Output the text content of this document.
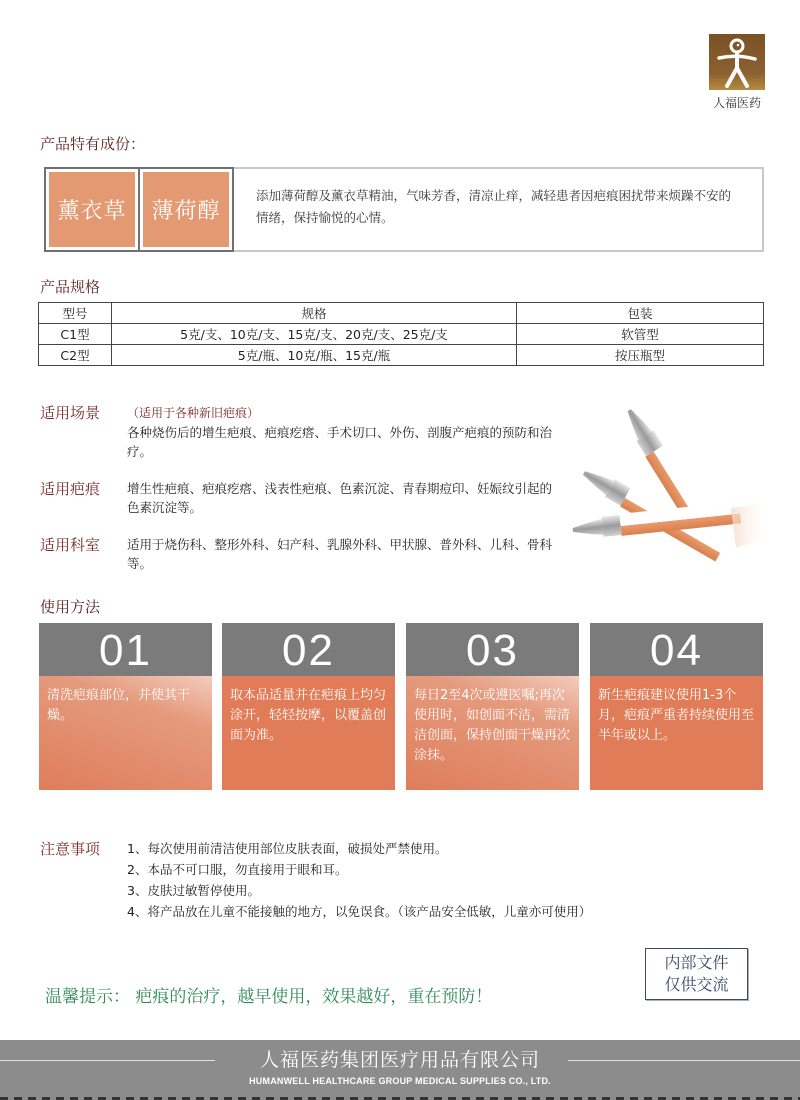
人福医药
产品特有成份：
薰衣草	薄荷醇
添加薄荷醇及薰衣草精油，气味芳香，清凉止痒，减轻患者因疤痕困扰带来烦躁不安的情绪，保持愉悦的心情。
产品规格
型号	规格	包装
C1型	5克/支、10克/支、15克/支、20克/支、25克/支	软管型
C2型	5克/瓶、10克/瓶、15克/瓶	按压瓶型
适用场景 （适用于各种新旧疤痕）
各种烧伤后的增生疤痕、疤痕疙瘩、手术切口、外伤、剖腹产疤痕的预防和治疗。
适用疤痕 增生性疤痕、疤痕疙瘩、浅表性疤痕、色素沉淀、青春期痘印、妊娠纹引起的色素沉淀等。
适用科室 适用于烧伤科、整形外科、妇产科、乳腺外科、甲状腺、普外科、儿科、骨科等。
使用方法
01
清洗疤痕部位，并使其干燥。
02
取本品适量并在疤痕上均匀涂开，轻轻按摩，以覆盖创面为准。
03
每日2至4次或遵医嘱;再次使用时，如创面不洁，需清洁创面，保持创面干燥再次涂抹。
04
新生疤痕建议使用1-3个月，疤痕严重者持续使用至半年或以上。
注意事项 1、每次使用前清洁使用部位皮肤表面，破损处严禁使用。
2、本品不可口服，勿直接用于眼和耳。
3、皮肤过敏暂停使用。
4、将产品放在儿童不能接触的地方，以免误食。（该产品安全低敏，儿童亦可使用）
温馨提示： 疤痕的治疗，越早使用，效果越好，重在预防！
内部文件
仅供交流
人福医药集团医疗用品有限公司
HUMANWELL HEALTHCARE GROUP MEDICAL SUPPLIES CO., LTD.
